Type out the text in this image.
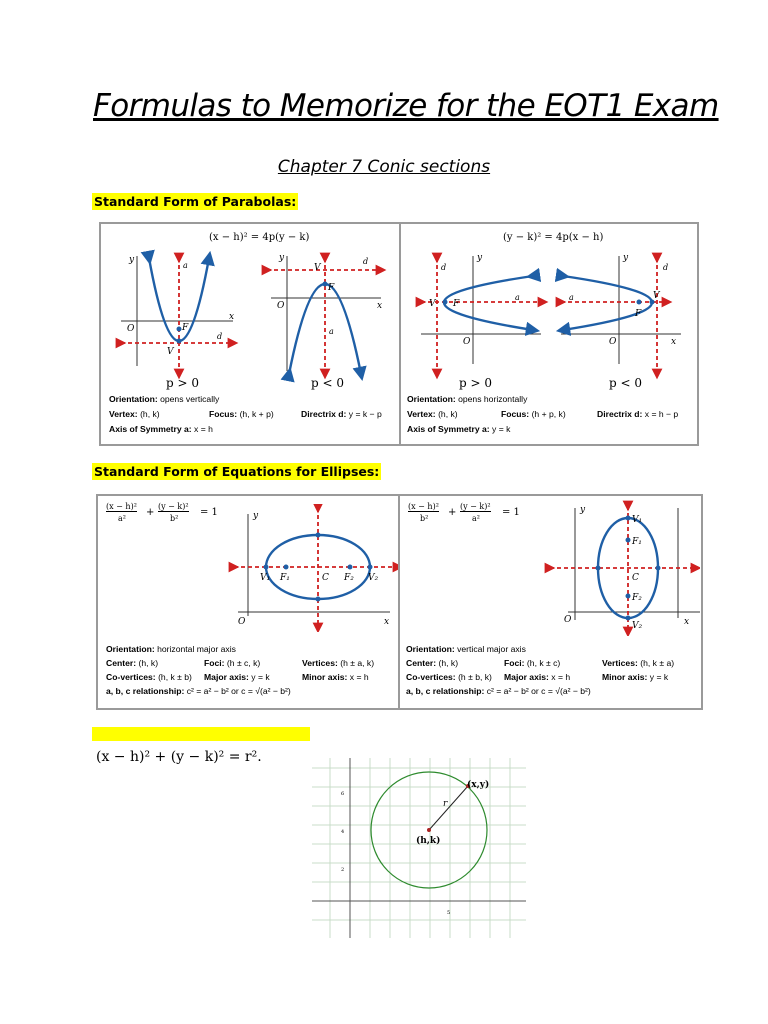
Formulas to Memorize for the EOT1 Exam
Chapter 7 Conic sections
Standard Form of Parabolas:
(x − h)² = 4p(y − k)
y
x
O
V
F
a
d
y
x
O
V
F
a
d
p > 0	p < 0
Orientation: opens vertically
Vertex: (h, k)	Focus: (h, k + p)	Directrix d: y = k − p
Axis of Symmetry a: x = h
(y − k)² = 4p(x − h)
V F
y
O
a
d
V
F
y
O	x
a
d
p > 0	p < 0
Orientation: opens horizontally
Vertex: (h, k)	Focus: (h + p, k)	Directrix d: x = h − p
Axis of Symmetry a: y = k
Standard Form of Equations for Ellipses:
(x − h)²
a²
+
(y − k)²
b²
= 1	y
x
O
V₁ F₁	C F₂ V₂
Orientation: horizontal major axis
Center: (h, k)	Foci: (h ± c, k)	Vertices: (h ± a, k)
Co-vertices: (h, k ± b) Major axis: y = k	Minor axis: x = h
a, b, c relationship: c² = a² − b² or c = √(a² − b²)
(x − h)²
b²
+
(y − k)²
a²
= 1	y
x
O
V₁
F₁
C
F₂
V₂
Orientation: vertical major axis
Center: (h, k)	Foci: (h, k ± c)	Vertices: (h, k ± a)
Co-vertices: (h ± b, k) Major axis: x = h	Minor axis: y = k
a, b, c relationship: c² = a² − b² or c = √(a² − b²)
(x − h)² + (y − k)² = r².
(x,y)
(h,k)
r
6
4
2
5
